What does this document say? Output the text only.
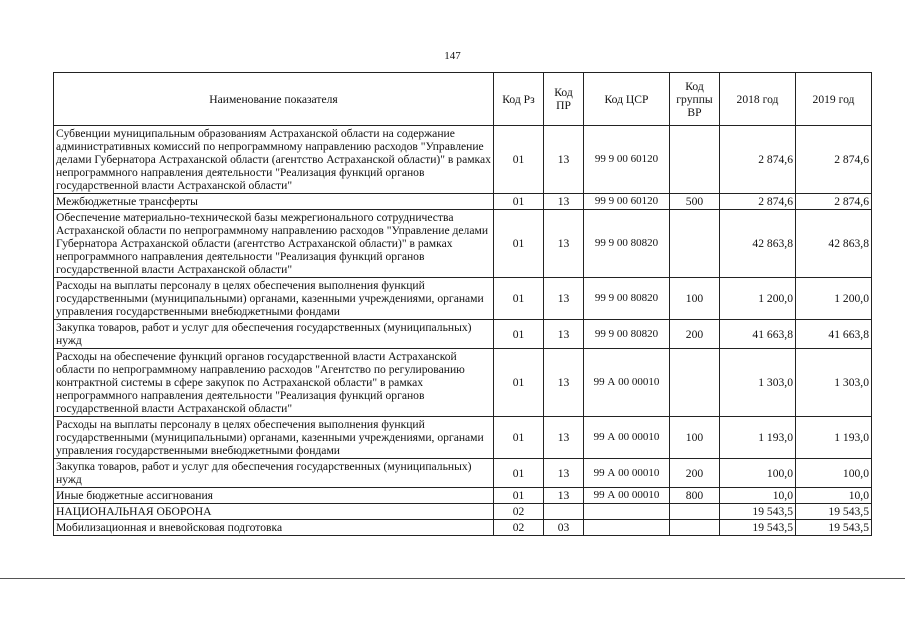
147
Наименование показателя	Код Рз	Код ПР	Код ЦСР	Код группы ВР	2018 год	2019 год
Субвенции муниципальным образованиям Астраханской области на содержание административных комиссий по непрограммному направлению расходов "Управление делами Губернатора Астраханской области (агентство Астраханской области)" в рамках непрограммного направления деятельности "Реализация функций органов государственной власти Астраханской области"	01	13	99 9 00 60120		2 874,6	2 874,6
Межбюджетные трансферты	01	13	99 9 00 60120	500	2 874,6	2 874,6
Обеспечение материально-технической базы межрегионального сотрудничества Астраханской области по непрограммному направлению расходов "Управление делами Губернатора Астраханской области (агентство Астраханской области)" в рамках непрограммного направления деятельности "Реализация функций органов государственной власти Астраханской области"	01	13	99 9 00 80820		42 863,8	42 863,8
Расходы на выплаты персоналу в целях обеспечения выполнения функций государственными (муниципальными) органами, казенными учреждениями, органами управления государственными внебюджетными фондами	01	13	99 9 00 80820	100	1 200,0	1 200,0
Закупка товаров, работ и услуг для обеспечения государственных (муниципальных) нужд	01	13	99 9 00 80820	200	41 663,8	41 663,8
Расходы на обеспечение функций органов государственной власти Астраханской области по непрограммному направлению расходов "Агентство по регулированию контрактной системы в сфере закупок по Астраханской области" в рамках непрограммного направления деятельности "Реализация функций органов государственной власти Астраханской области"	01	13	99 А 00 00010		1 303,0	1 303,0
Расходы на выплаты персоналу в целях обеспечения выполнения функций государственными (муниципальными) органами, казенными учреждениями, органами управления государственными внебюджетными фондами	01	13	99 А 00 00010	100	1 193,0	1 193,0
Закупка товаров, работ и услуг для обеспечения государственных (муниципальных) нужд	01	13	99 А 00 00010	200	100,0	100,0
Иные бюджетные ассигнования	01	13	99 А 00 00010	800	10,0	10,0
НАЦИОНАЛЬНАЯ ОБОРОНА	02				19 543,5	19 543,5
Мобилизационная и вневойсковая подготовка	02	03			19 543,5	19 543,5
